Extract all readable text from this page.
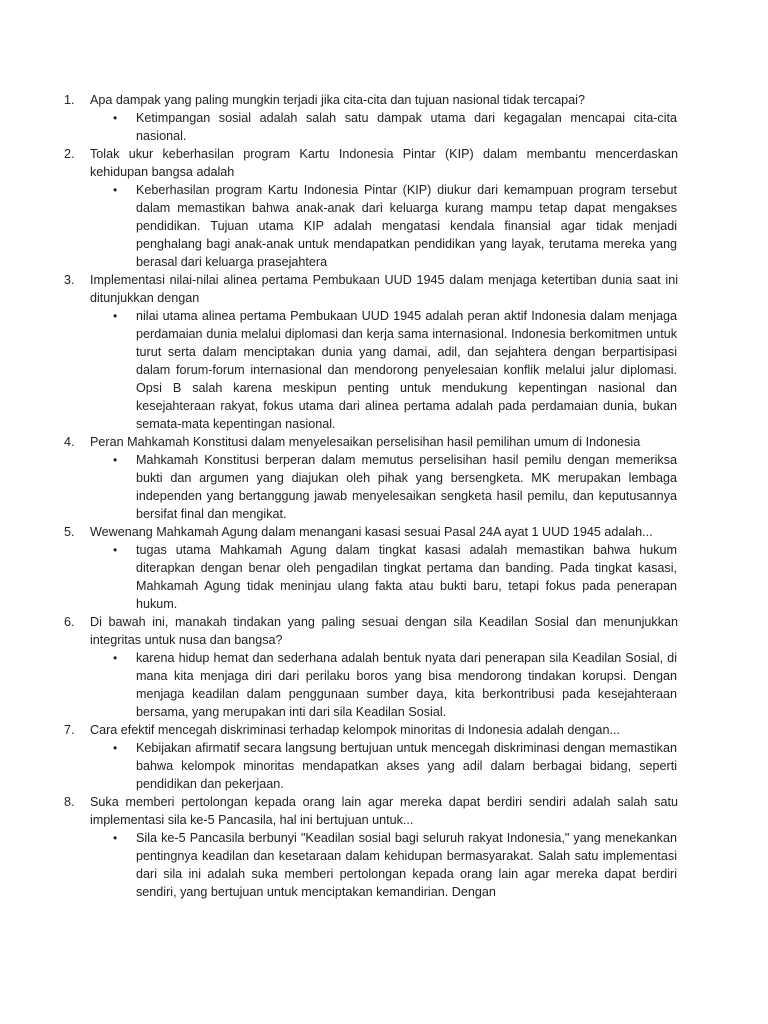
1.	Apa dampak yang paling mungkin terjadi jika cita-cita dan tujuan nasional tidak tercapai?
• Ketimpangan sosial adalah salah satu dampak utama dari kegagalan mencapai cita-cita nasional.
2.	Tolak ukur keberhasilan program Kartu Indonesia Pintar (KIP) dalam membantu mencerdaskan kehidupan bangsa adalah
• Keberhasilan program Kartu Indonesia Pintar (KIP) diukur dari kemampuan program tersebut dalam memastikan bahwa anak-anak dari keluarga kurang mampu tetap dapat mengakses pendidikan. Tujuan utama KIP adalah mengatasi kendala finansial agar tidak menjadi penghalang bagi anak-anak untuk mendapatkan pendidikan yang layak, terutama mereka yang berasal dari keluarga prasejahtera
3.	Implementasi nilai-nilai alinea pertama Pembukaan UUD 1945 dalam menjaga ketertiban dunia saat ini ditunjukkan dengan
• nilai utama alinea pertama Pembukaan UUD 1945 adalah peran aktif Indonesia dalam menjaga perdamaian dunia melalui diplomasi dan kerja sama internasional. Indonesia berkomitmen untuk turut serta dalam menciptakan dunia yang damai, adil, dan sejahtera dengan berpartisipasi dalam forum-forum internasional dan mendorong penyelesaian konflik melalui jalur diplomasi. Opsi B salah karena meskipun penting untuk mendukung kepentingan nasional dan kesejahteraan rakyat, fokus utama dari alinea pertama adalah pada perdamaian dunia, bukan semata-mata kepentingan nasional.
4.	Peran Mahkamah Konstitusi dalam menyelesaikan perselisihan hasil pemilihan umum di Indonesia
• Mahkamah Konstitusi berperan dalam memutus perselisihan hasil pemilu dengan memeriksa bukti dan argumen yang diajukan oleh pihak yang bersengketa. MK merupakan lembaga independen yang bertanggung jawab menyelesaikan sengketa hasil pemilu, dan keputusannya bersifat final dan mengikat.
5.	Wewenang Mahkamah Agung dalam menangani kasasi sesuai Pasal 24A ayat 1 UUD 1945 adalah...
• tugas utama Mahkamah Agung dalam tingkat kasasi adalah memastikan bahwa hukum diterapkan dengan benar oleh pengadilan tingkat pertama dan banding. Pada tingkat kasasi, Mahkamah Agung tidak meninjau ulang fakta atau bukti baru, tetapi fokus pada penerapan hukum.
6.	Di bawah ini, manakah tindakan yang paling sesuai dengan sila Keadilan Sosial dan menunjukkan integritas untuk nusa dan bangsa?
• karena hidup hemat dan sederhana adalah bentuk nyata dari penerapan sila Keadilan Sosial, di mana kita menjaga diri dari perilaku boros yang bisa mendorong tindakan korupsi. Dengan menjaga keadilan dalam penggunaan sumber daya, kita berkontribusi pada kesejahteraan bersama, yang merupakan inti dari sila Keadilan Sosial.
7.	Cara efektif mencegah diskriminasi terhadap kelompok minoritas di Indonesia adalah dengan...
• Kebijakan afirmatif secara langsung bertujuan untuk mencegah diskriminasi dengan memastikan bahwa kelompok minoritas mendapatkan akses yang adil dalam berbagai bidang, seperti pendidikan dan pekerjaan.
8.	Suka memberi pertolongan kepada orang lain agar mereka dapat berdiri sendiri adalah salah satu implementasi sila ke-5 Pancasila, hal ini bertujuan untuk...
• Sila ke-5 Pancasila berbunyi "Keadilan sosial bagi seluruh rakyat Indonesia," yang menekankan pentingnya keadilan dan kesetaraan dalam kehidupan bermasyarakat. Salah satu implementasi dari sila ini adalah suka memberi pertolongan kepada orang lain agar mereka dapat berdiri sendiri, yang bertujuan untuk menciptakan kemandirian. Dengan
